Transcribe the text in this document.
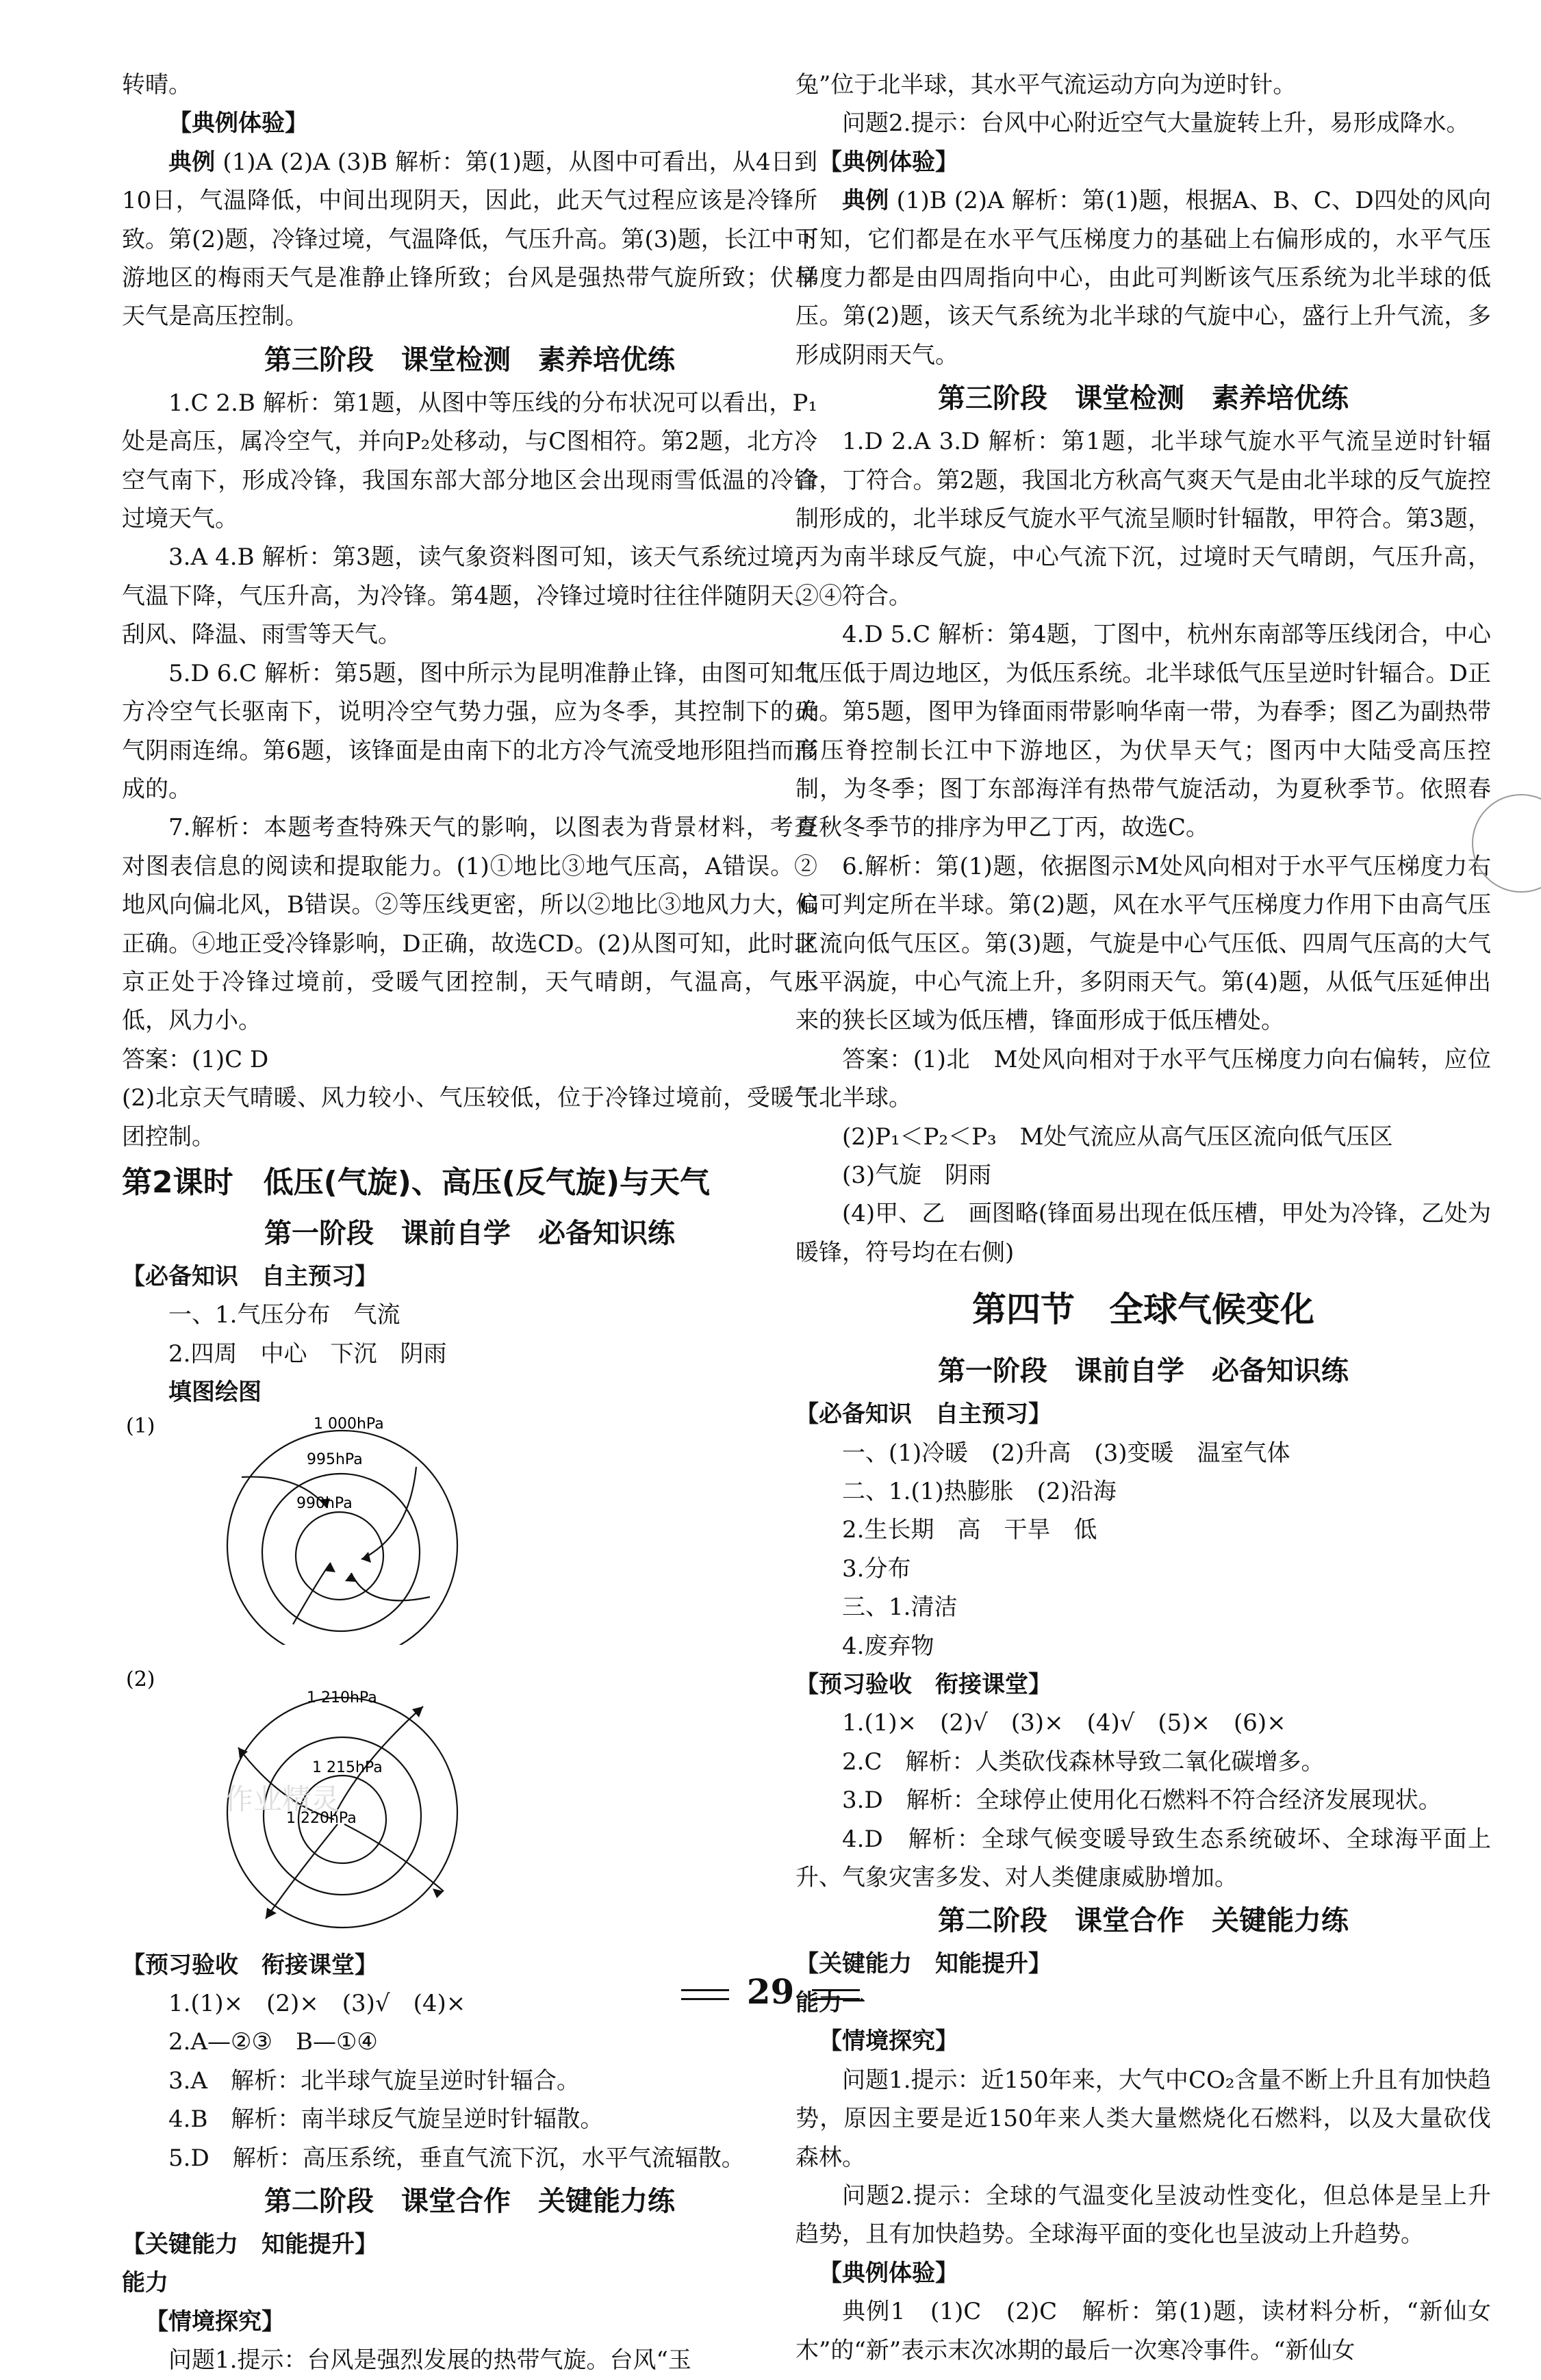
转晴。

【典例体验】

典例 (1)A (2)A (3)B 解析：第(1)题，从图中可看出，从4日到10日，气温降低，中间出现阴天，因此，此天气过程应该是冷锋所致。第(2)题，冷锋过境，气温降低，气压升高。第(3)题，长江中下游地区的梅雨天气是准静止锋所致；台风是强热带气旋所致；伏旱天气是高压控制。

第三阶段　课堂检测　素养培优练

1.C 2.B 解析：第1题，从图中等压线的分布状况可以看出，P₁处是高压，属冷空气，并向P₂处移动，与C图相符。第2题，北方冷空气南下，形成冷锋，我国东部大部分地区会出现雨雪低温的冷锋过境天气。

3.A 4.B 解析：第3题，读气象资料图可知，该天气系统过境，气温下降，气压升高，为冷锋。第4题，冷锋过境时往往伴随阴天、刮风、降温、雨雪等天气。

5.D 6.C 解析：第5题，图中所示为昆明准静止锋，由图可知北方冷空气长驱南下，说明冷空气势力强，应为冬季，其控制下的天气阴雨连绵。第6题，该锋面是由南下的北方冷气流受地形阻挡而形成的。

7.解析：本题考查特殊天气的影响，以图表为背景材料，考查对图表信息的阅读和提取能力。(1)①地比③地气压高，A错误。②地风向偏北风，B错误。②等压线更密，所以②地比③地风力大，C正确。④地正受冷锋影响，D正确，故选CD。(2)从图可知，此时北京正处于冷锋过境前，受暖气团控制，天气晴朗，气温高，气压低，风力小。

答案：(1)C D

(2)北京天气晴暖、风力较小、气压较低，位于冷锋过境前，受暖气团控制。

第2课时　低压(气旋)、高压(反气旋)与天气

第一阶段　课前自学　必备知识练

【必备知识　自主预习】

一、1.气压分布　气流

2.四周　中心　下沉　阴雨

填图绘图

(1)	1 000hPa
995hPa
990hPa
(2)
1 210hPa
1 215hPa
1 220hPa
作业精灵

【预习验收　衔接课堂】

1.(1)×　(2)×　(3)√　(4)×

2.A—②③　B—①④

3.A　解析：北半球气旋呈逆时针辐合。

4.B　解析：南半球反气旋呈逆时针辐散。

5.D　解析：高压系统，垂直气流下沉，水平气流辐散。

第二阶段　课堂合作　关键能力练

【关键能力　知能提升】

能力

【情境探究】

问题1.提示：台风是强烈发展的热带气旋。台风“玉

兔”位于北半球，其水平气流运动方向为逆时针。

问题2.提示：台风中心附近空气大量旋转上升，易形成降水。

【典例体验】

典例 (1)B (2)A 解析：第(1)题，根据A、B、C、D四处的风向可知，它们都是在水平气压梯度力的基础上右偏形成的，水平气压梯度力都是由四周指向中心，由此可判断该气压系统为北半球的低压。第(2)题，该天气系统为北半球的气旋中心，盛行上升气流，多形成阴雨天气。

第三阶段　课堂检测　素养培优练

1.D 2.A 3.D 解析：第1题，北半球气旋水平气流呈逆时针辐合，丁符合。第2题，我国北方秋高气爽天气是由北半球的反气旋控制形成的，北半球反气旋水平气流呈顺时针辐散，甲符合。第3题，丙为南半球反气旋，中心气流下沉，过境时天气晴朗，气压升高，②④符合。

4.D 5.C 解析：第4题，丁图中，杭州东南部等压线闭合，中心气压低于周边地区，为低压系统。北半球低气压呈逆时针辐合。D正确。第5题，图甲为锋面雨带影响华南一带，为春季；图乙为副热带高压脊控制长江中下游地区，为伏旱天气；图丙中大陆受高压控制，为冬季；图丁东部海洋有热带气旋活动，为夏秋季节。依照春夏秋冬季节的排序为甲乙丁丙，故选C。

6.解析：第(1)题，依据图示M处风向相对于水平气压梯度力右偏可判定所在半球。第(2)题，风在水平气压梯度力作用下由高气压区流向低气压区。第(3)题，气旋是中心气压低、四周气压高的大气水平涡旋，中心气流上升，多阴雨天气。第(4)题，从低气压延伸出来的狭长区域为低压槽，锋面形成于低压槽处。

答案：(1)北　M处风向相对于水平气压梯度力向右偏转，应位于北半球。

(2)P₁＜P₂＜P₃　M处气流应从高气压区流向低气压区

(3)气旋　阴雨

(4)甲、乙　画图略(锋面易出现在低压槽，甲处为冷锋，乙处为暖锋，符号均在右侧)

第四节　全球气候变化

第一阶段　课前自学　必备知识练

【必备知识　自主预习】

一、(1)冷暖　(2)升高　(3)变暖　温室气体

二、1.(1)热膨胀　(2)沿海

2.生长期　高　干旱　低

3.分布

三、1.清洁

4.废弃物

【预习验收　衔接课堂】

1.(1)×　(2)√　(3)×　(4)√　(5)×　(6)×

2.C　解析：人类砍伐森林导致二氧化碳增多。

3.D　解析：全球停止使用化石燃料不符合经济发展现状。

4.D　解析：全球气候变暖导致生态系统破坏、全球海平面上升、气象灾害多发、对人类健康威胁增加。

第二阶段　课堂合作　关键能力练

【关键能力　知能提升】

能力一

【情境探究】

问题1.提示：近150年来，大气中CO₂含量不断上升且有加快趋势，原因主要是近150年来人类大量燃烧化石燃料，以及大量砍伐森林。

问题2.提示：全球的气温变化呈波动性变化，但总体是呈上升趋势，且有加快趋势。全球海平面的变化也呈波动上升趋势。

【典例体验】

典例1　(1)C　(2)C　解析：第(1)题，读材料分析，“新仙女木”的“新”表示末次冰期的最后一次寒冷事件。“新仙女

29
